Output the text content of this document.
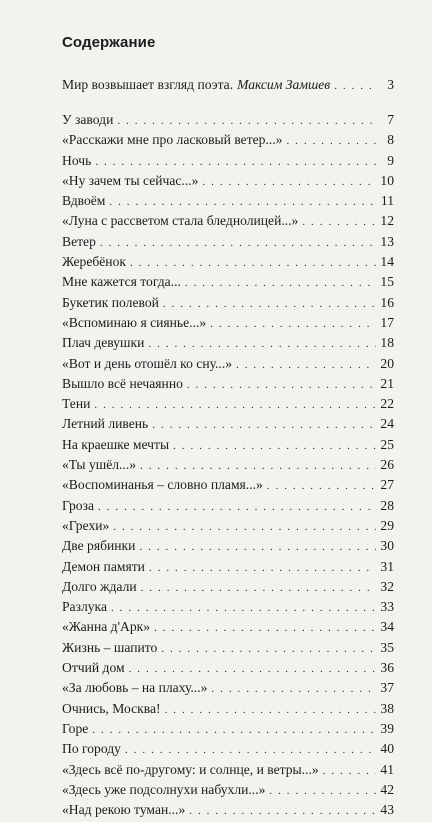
Содержание
Мир возвышает взгляд поэта. Максим Замшев . . .	3
У заводи . . .	7
«Расскажи мне про ласковый ветер...» . . .	8
Ночь . . .	9
«Ну зачем ты сейчас...» . . .	10
Вдвоём . . .	11
«Луна с рассветом стала бледнолицей...» . . .	12
Ветер . . .	13
Жеребёнок . . .	14
Мне кажется тогда... . . .	15
Букетик полевой . . .	16
«Вспоминаю я сиянье...» . . .	17
Плач девушки . . .	18
«Вот и день отошёл ко сну...» . . .	20
Вышло всё нечаянно . . .	21
Тени . . .	22
Летний ливень . . .	24
На краешке мечты . . .	25
«Ты ушёл...» . . .	26
«Воспоминанья – словно пламя...» . . .	27
Гроза . . .	28
«Грехи» . . .	29
Две рябинки . . .	30
Демон памяти . . .	31
Долго ждали . . .	32
Разлука . . .	33
«Жанна д'Арк» . . .	34
Жизнь – шапито . . .	35
Отчий дом . . .	36
«За любовь – на плаху...» . . .	37
Очнись, Москва! . . .	38
Горе . . .	39
По городу . . .	40
«Здесь всё по-другому: и солнце, и ветры...» . . .	41
«Здесь уже подсолнухи набухли...» . . .	42
«Над рекою туман...» . . .	43
